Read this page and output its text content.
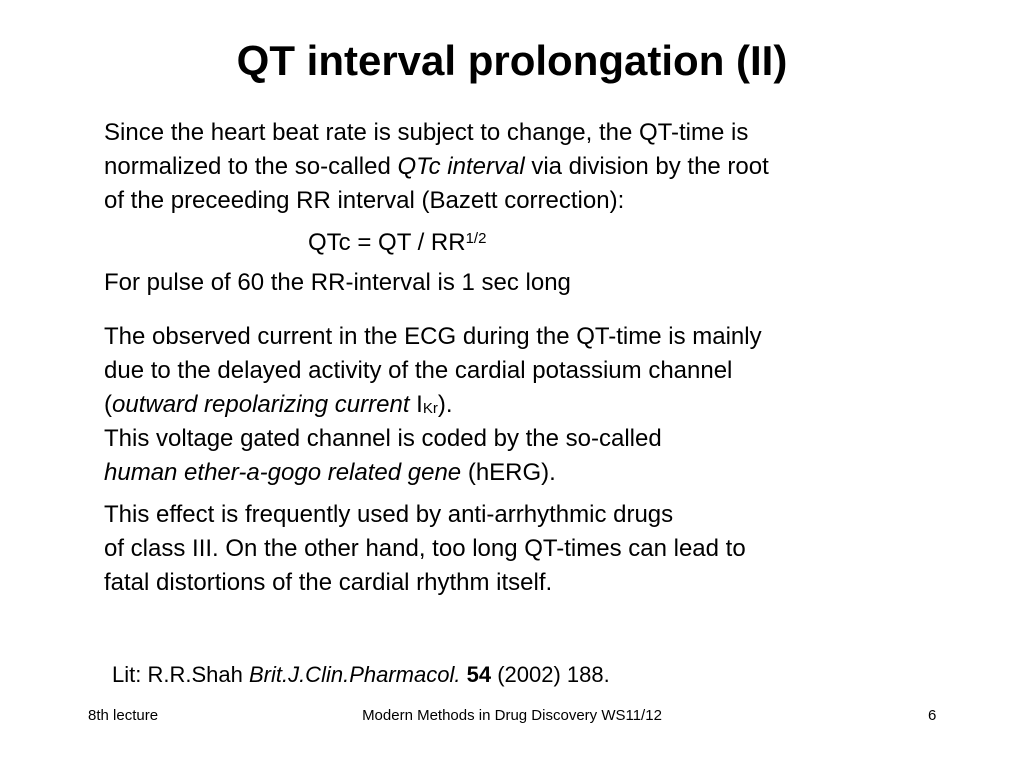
QT interval prolongation (II)
Since the heart beat rate is subject to change, the QT-time is
normalized to the so-called QTc interval via division by the root
of the preceeding RR interval (Bazett correction):
QTc = QT / $RR^{1/2}$
For pulse of 60 the RR-interval is 1 sec long
The observed current in the ECG during the QT-time is mainly
due to the delayed activity of the cardial potassium channel
(outward repolarizing current IKr).
This voltage gated channel is coded by the so-called
human ether-a-gogo related gene (hERG).
This effect is frequently used by anti-arrhythmic drugs
of class III. On the other hand, too long QT-times can lead to
fatal distortions of the cardial rhythm itself.
Lit: R.R.Shah Brit.J.Clin.Pharmacol. 54 (2002) 188.
8th lecture	Modern Methods in Drug Discovery WS11/12	6
